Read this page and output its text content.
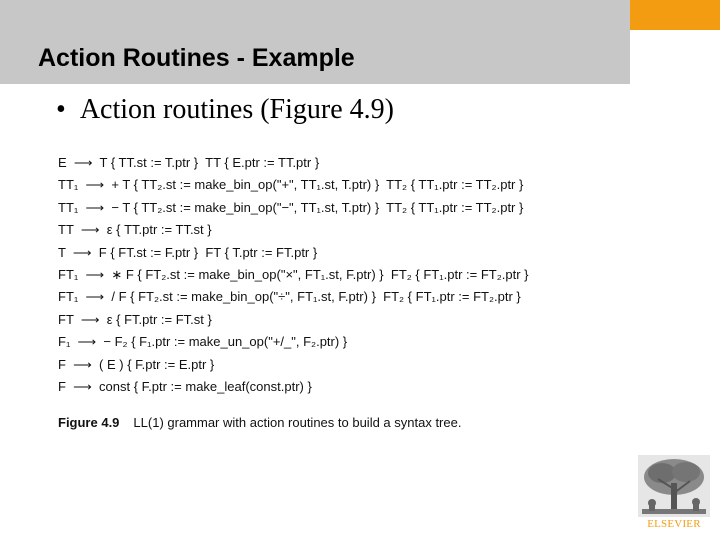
Action Routines - Example
• Action routines (Figure 4.9)
E  ⟶  T { TT.st := T.ptr }  TT { E.ptr := TT.ptr }
TT₁  ⟶  + T { TT₂.st := make_bin_op("+", TT₁.st, T.ptr) }  TT₂ { TT₁.ptr := TT₂.ptr }
TT₁  ⟶  − T { TT₂.st := make_bin_op("−", TT₁.st, T.ptr) }  TT₂ { TT₁.ptr := TT₂.ptr }
TT  ⟶  ε { TT.ptr := TT.st }
T  ⟶  F { FT.st := F.ptr }  FT { T.ptr := FT.ptr }
FT₁  ⟶  ∗ F { FT₂.st := make_bin_op("×", FT₁.st, F.ptr) }  FT₂ { FT₁.ptr := FT₂.ptr }
FT₁  ⟶  / F { FT₂.st := make_bin_op("÷", FT₁.st, F.ptr) }  FT₂ { FT₁.ptr := FT₂.ptr }
FT  ⟶  ε { FT.ptr := FT.st }
F₁  ⟶  − F₂ { F₁.ptr := make_un_op("+/_", F₂.ptr) }
F  ⟶  ( E ) { F.ptr := E.ptr }
F  ⟶  const { F.ptr := make_leaf(const.ptr) }
Figure 4.9 LL(1) grammar with action routines to build a syntax tree.
ELSEVIER
